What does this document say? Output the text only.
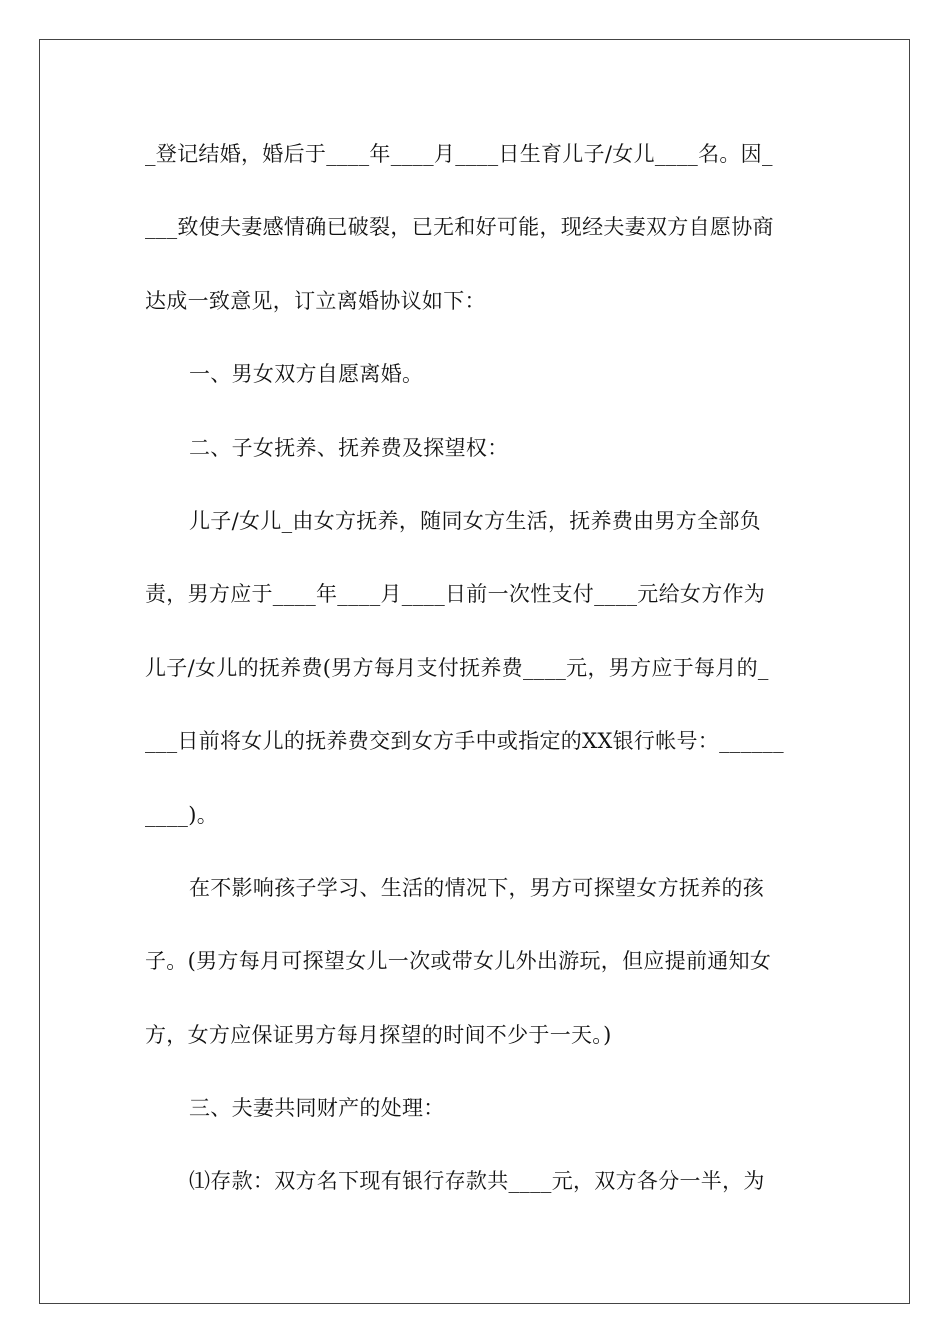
_登记结婚，婚后于____年____月____日生育儿子/女儿____名。因_
___致使夫妻感情确已破裂，已无和好可能，现经夫妻双方自愿协商
达成一致意见，订立离婚协议如下：
一、男女双方自愿离婚。
二、子女抚养、抚养费及探望权：
儿子/女儿_由女方抚养，随同女方生活，抚养费由男方全部负
责，男方应于____年____月____日前一次性支付____元给女方作为
儿子/女儿的抚养费(男方每月支付抚养费____元，男方应于每月的_
___日前将女儿的抚养费交到女方手中或指定的XX银行帐号：______
____)。
在不影响孩子学习、生活的情况下，男方可探望女方抚养的孩
子。(男方每月可探望女儿一次或带女儿外出游玩，但应提前通知女
方，女方应保证男方每月探望的时间不少于一天。)
三、夫妻共同财产的处理：
⑴存款：双方名下现有银行存款共____元，双方各分一半，为
